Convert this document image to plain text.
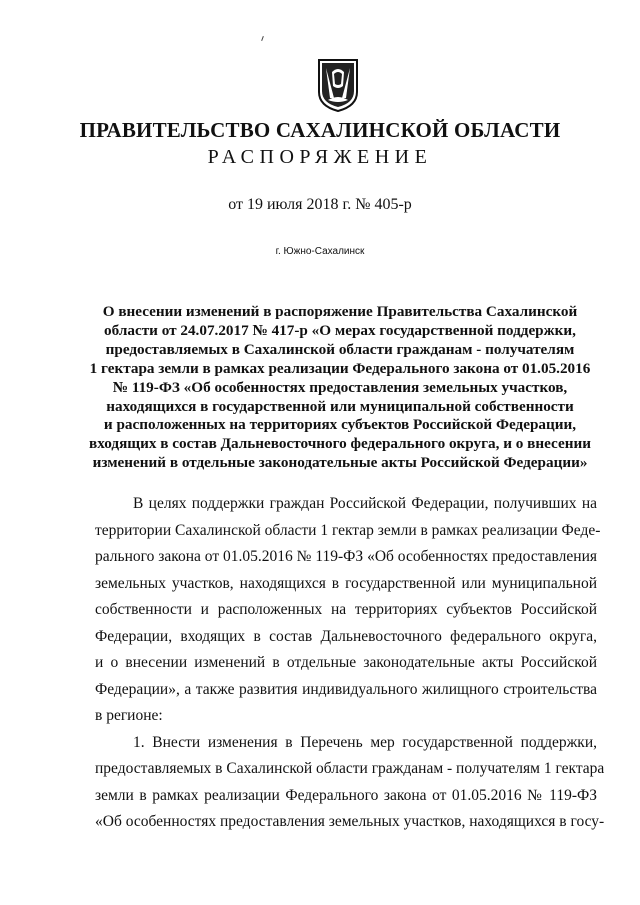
ПРАВИТЕЛЬСТВО САХАЛИНСКОЙ ОБЛАСТИ
РАСПОРЯЖЕНИЕ
от 19 июля 2018 г. № 405-р
г. Южно-Сахалинск
О внесении изменений в распоряжение Правительства Сахалинской
области от 24.07.2017 № 417-р «О мерах государственной поддержки,
предоставляемых в Сахалинской области гражданам - получателям
1 гектара земли в рамках реализации Федерального закона от 01.05.2016
№ 119-ФЗ «Об особенностях предоставления земельных участков,
находящихся в государственной или муниципальной собственности
и расположенных на территориях субъектов Российской Федерации,
входящих в состав Дальневосточного федерального округа, и о внесении
изменений в отдельные законодательные акты Российской Федерации»
В целях поддержки граждан Российской Федерации, получивших на
территории Сахалинской области 1 гектар земли в рамках реализации Феде-
рального закона от 01.05.2016 № 119-ФЗ «Об особенностях предоставления
земельных участков, находящихся в государственной или муниципальной
собственности и расположенных на территориях субъектов Российской
Федерации, входящих в состав Дальневосточного федерального округа,
и о внесении изменений в отдельные законодательные акты Российской
Федерации», а также развития индивидуального жилищного строительства
в регионе:
1. Внести изменения в Перечень мер государственной поддержки,
предоставляемых в Сахалинской области гражданам - получателям 1 гектара
земли в рамках реализации Федерального закона от 01.05.2016 № 119-ФЗ
«Об особенностях предоставления земельных участков, находящихся в госу-
